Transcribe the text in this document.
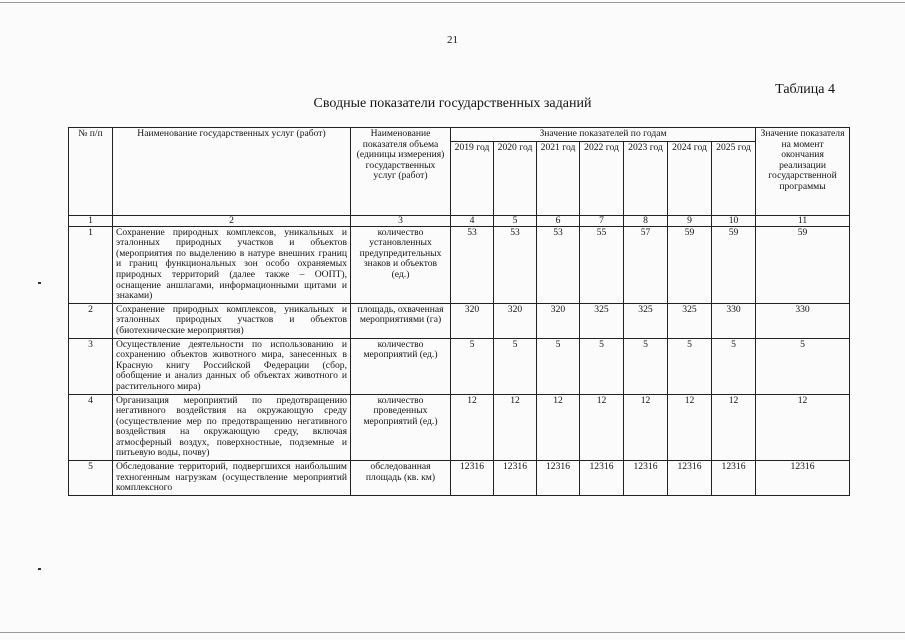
21
Таблица 4
Сводные показатели государственных заданий
№ п/п	Наименование государственных услуг (работ)	Наименование показателя объема (единицы измерения) государственных услуг (работ)	Значение показателей по годам							Значение показателя на момент окончания реализации государственной программы
			2019 год	2020 год	2021 год	2022 год	2023 год	2024 год	2025 год	
1	2	3	4	5	6	7	8	9	10	11
1	Сохранение природных комплексов, уникальных и эталонных природных участков и объектов (мероприятия по выделению в натуре внешних границ и границ функциональных зон особо охраняемых природных территорий (далее также – ООПТ), оснащение аншлагами, информационными щитами и знаками)	количество установленных предупредительных знаков и объектов (ед.)	53	53	53	55	57	59	59	59
2	Сохранение природных комплексов, уникальных и эталонных природных участков и объектов (биотехнические мероприятия)	площадь, охваченная мероприятиями (га)	320	320	320	325	325	325	330	330
3	Осуществление деятельности по использованию и сохранению объектов животного мира, занесенных в Красную книгу Российской Федерации (сбор, обобщение и анализ данных об объектах животного и растительного мира)	количество мероприятий (ед.)	5	5	5	5	5	5	5	5
4	Организация мероприятий по предотвращению негативного воздействия на окружающую среду (осуществление мер по предотвращению негативного воздействия на окружающую среду, включая атмосферный воздух, поверхностные, подземные и питьевую воды, почву)	количество проведенных мероприятий (ед.)	12	12	12	12	12	12	12	12
5	Обследование территорий, подвергшихся наибольшим техногенным нагрузкам (осуществление мероприятий комплексного	обследованная площадь (кв. км)	12316	12316	12316	12316	12316	12316	12316	12316
